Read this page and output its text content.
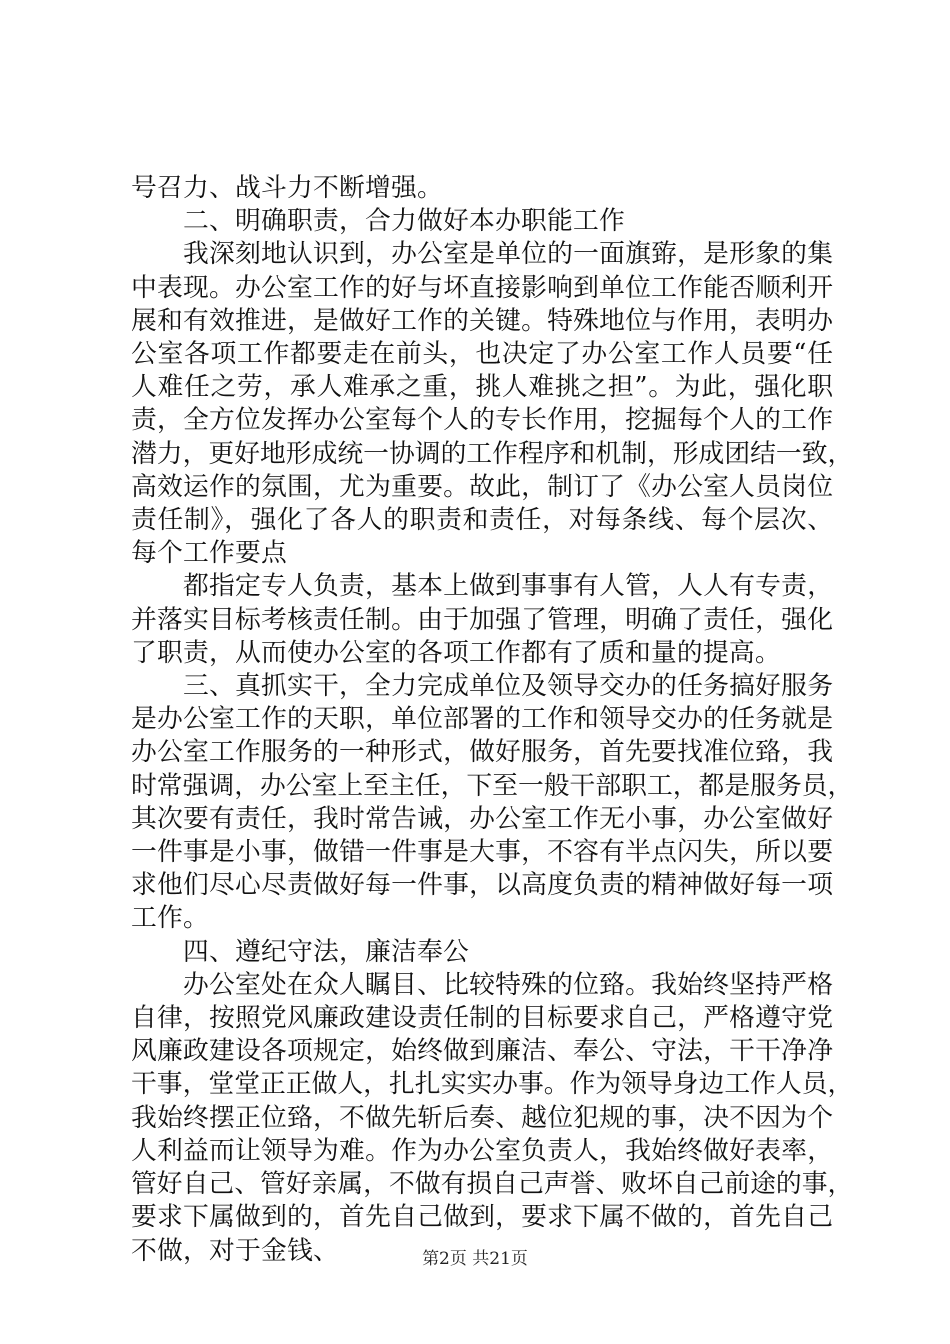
号召力、战斗力不断增强。
二、明确职责，合力做好本办职能工作
我深刻地认识到，办公室是单位的一面旗臶，是形象的集
中表现。办公室工作的好与坏直接影响到单位工作能否顺利开
展和有效推进，是做好工作的关键。特殊地位与作用，表明办
公室各项工作都要走在前头，也决定了办公室工作人员要“任
人难任之劳，承人难承之重，挑人难挑之担”。为此，强化职
责，全方位发挥办公室每个人的专长作用，挖掘每个人的工作
潜力，更好地形成统一协调的工作程序和机制，形成团结一致，
高效运作的氛围，尤为重要。故此，制订了《办公室人员岗位
责任制》，强化了各人的职责和责任，对每条线、每个层次、
每个工作要点
都指定专人负责，基本上做到事事有人管，人人有专责，
并落实目标考核责任制。由于加强了管理，明确了责任，强化
了职责，从而使办公室的各项工作都有了质和量的提高。
三、真抓实干，全力完成单位及领导交办的任务搞好服务
是办公室工作的天职，单位部署的工作和领导交办的任务就是
办公室工作服务的一种形式，做好服务，首先要找准位臵，我
时常强调，办公室上至主任，下至一般干部职工，都是服务员，
其次要有责任，我时常告诫，办公室工作无小事，办公室做好
一件事是小事，做错一件事是大事，不容有半点闪失，所以要
求他们尽心尽责做好每一件事，以高度负责的精神做好每一项
工作。
四、遵纪守法，廉洁奉公
办公室处在众人瞩目、比较特殊的位臵。我始终坚持严格
自律，按照党风廉政建设责任制的目标要求自己，严格遵守党
风廉政建设各项规定，始终做到廉洁、奉公、守法，干干净净
干事，堂堂正正做人，扎扎实实办事。作为领导身边工作人员，
我始终摆正位臵，不做先斩后奏、越位犯规的事，决不因为个
人利益而让领导为难。作为办公室负责人，我始终做好表率，
管好自己、管好亲属，不做有损自己声誉、败坏自己前途的事，
要求下属做到的，首先自己做到，要求下属不做的，首先自己
不做，对于金钱、	第2页 共21页
